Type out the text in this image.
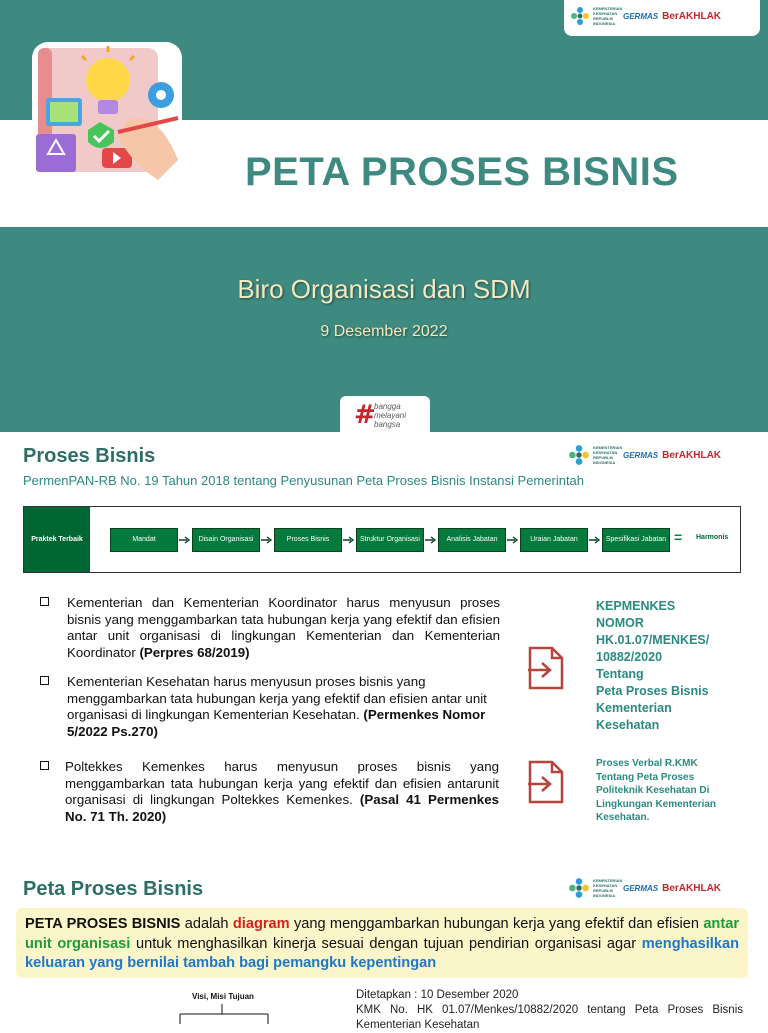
PETA PROSES BISNIS
KEMENTERIAN KESEHATAN REPUBLIK INDONESIA
GERMAS BerAKHLAK
Biro Organisasi dan SDM
9 Desember 2022
#
bangga
melayani
bangsa
Proses Bisnis
PermenPAN-RB No. 19 Tahun 2018 tentang Penyusunan Peta Proses Bisnis Instansi Pemerintah
KEMENTERIAN KESEHATAN REPUBLIK INDONESIA
GERMAS BerAKHLAK
Praktek Terbaik	Mandat	Disain Organisasi	Proses Bisnis	Struktur Organisasi	Analisis Jabatan	Uraian Jabatan	Spesifikasi Jabatan = Harmonis
Kementerian dan Kementerian Koordinator harus menyusun proses bisnis yang menggambarkan tata hubungan kerja yang efektif dan efisien antar unit organisasi di lingkungan Kementerian dan Kementerian Koordinator (Perpres 68/2019)
Kementerian Kesehatan harus menyusun proses bisnis yang menggambarkan tata hubungan kerja yang efektif dan efisien antar unit organisasi di lingkungan Kementerian Kesehatan. (Permenkes Nomor 5/2022 Ps.270)
Poltekkes Kemenkes harus menyusun proses bisnis yang menggambarkan tata hubungan kerja yang efektif dan efisien antarunit organisasi di lingkungan Poltekkes Kemenkes. (Pasal 41 Permenkes No. 71 Th. 2020)
KEPMENKES
NOMOR
HK.01.07/MENKES/
10882/2020
Tentang
Peta Proses Bisnis
Kementerian
Kesehatan
Proses Verbal R.KMK
Tentang Peta Proses
Politeknik Kesehatan Di
Lingkungan Kementerian
Kesehatan.
Peta Proses Bisnis	KEMENTERIAN KESEHATAN REPUBLIK INDONESIA
GERMAS BerAKHLAK
PETA PROSES BISNIS adalah diagram yang menggambarkan hubungan kerja yang efektif dan efisien antar unit organisasi untuk menghasilkan kinerja sesuai dengan tujuan pendirian organisasi agar menghasilkan keluaran yang bernilai tambah bagi pemangku kepentingan
Visi, Misi Tujuan	Ditetapkan : 10 Desember 2020
KMK No. HK 01.07/Menkes/10882/2020 tentang Peta Proses Bisnis Kementerian Kesehatan
